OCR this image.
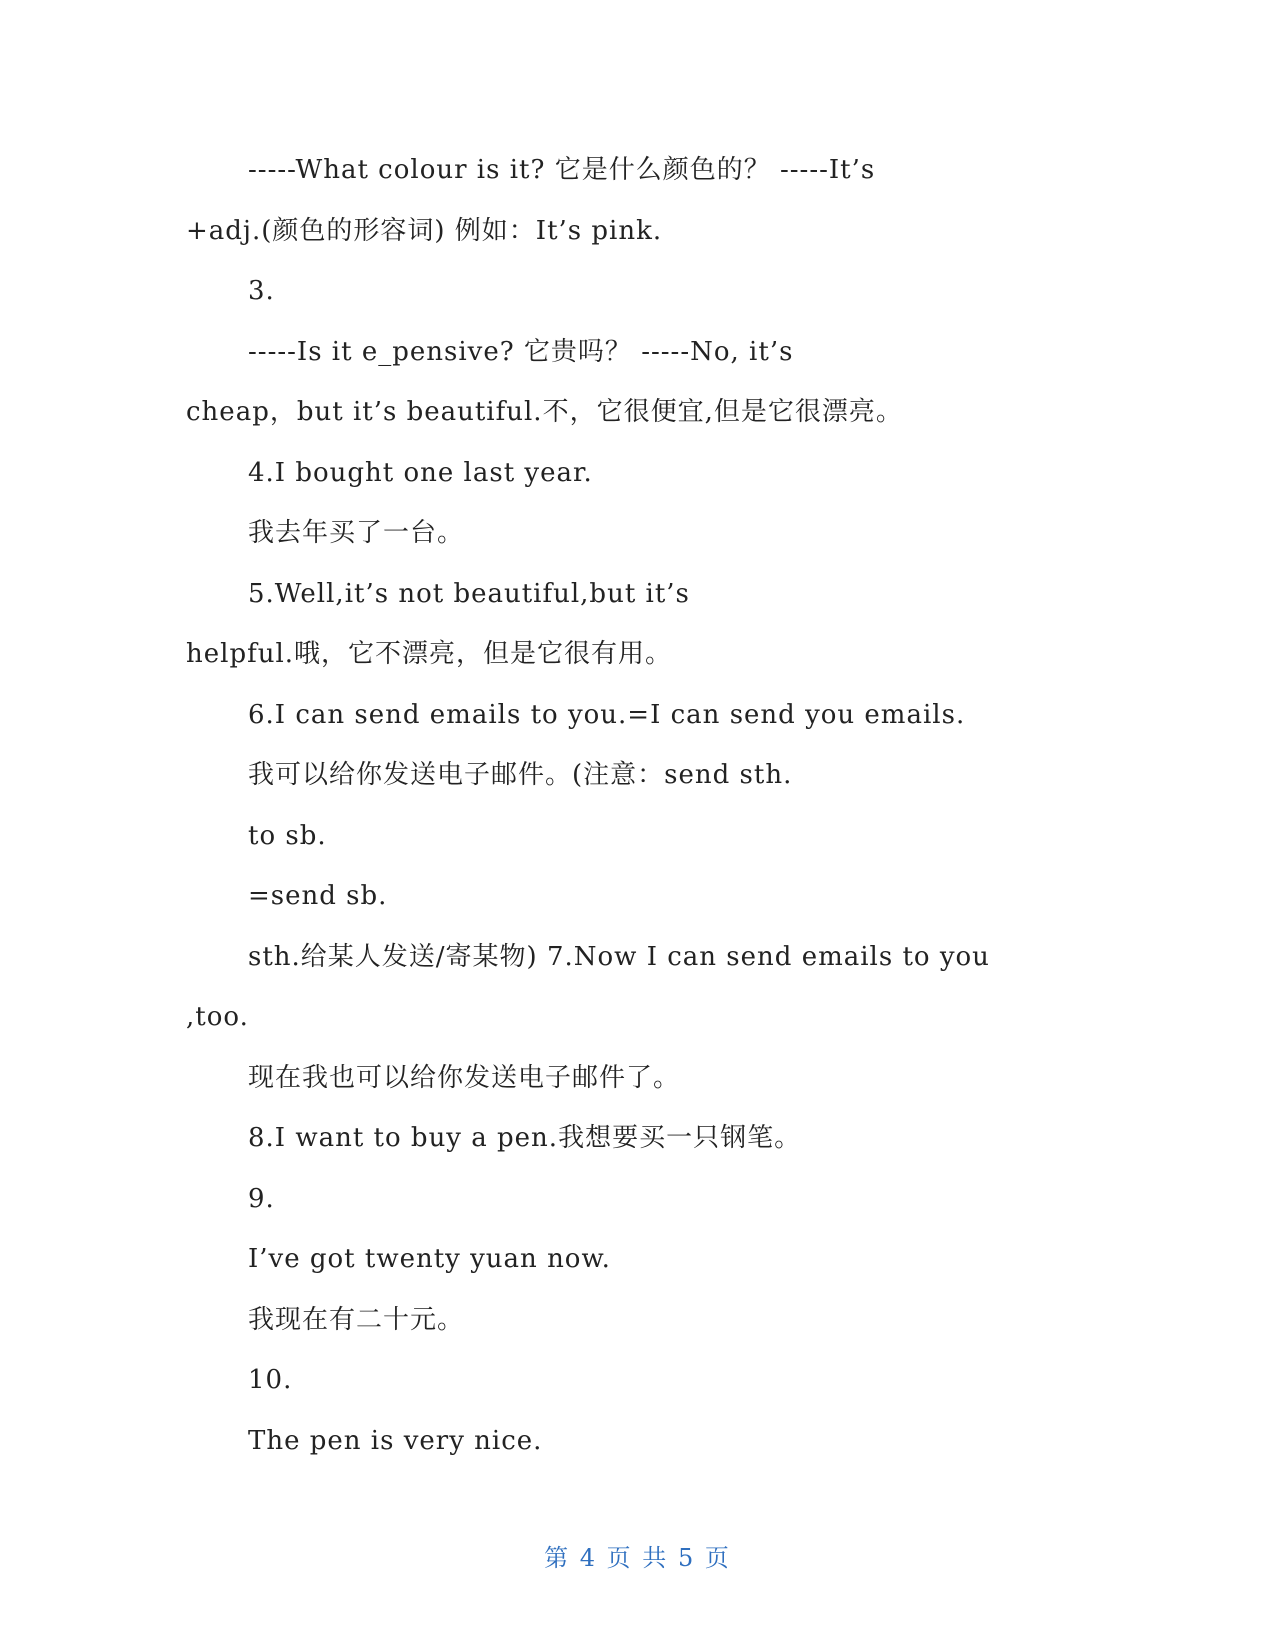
-----What colour is it? 它是什么颜色的？ -----It’s
+adj.(颜色的形容词) 例如：It’s pink.
3.
-----Is it e_pensive? 它贵吗？ -----No, it’s
cheap，but it’s beautiful.不，它很便宜,但是它很漂亮。
4.I bought one last year.
我去年买了一台。
5.Well,it’s not beautiful,but it’s
helpful.哦，它不漂亮，但是它很有用。
6.I can send emails to you.=I can send you emails.
我可以给你发送电子邮件。(注意：send sth.
to sb.
=send sb.
sth.给某人发送/寄某物) 7.Now I can send emails to you
,too.
现在我也可以给你发送电子邮件了。
8.I want to buy a pen.我想要买一只钢笔。
9.
I’ve got twenty yuan now.
我现在有二十元。
10.
The pen is very nice.
第 4 页 共 5 页
